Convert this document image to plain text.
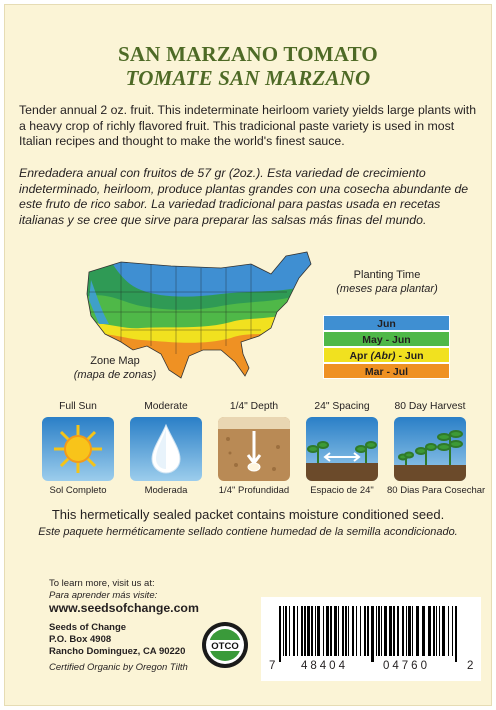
SAN MARZANO TOMATO
TOMATE SAN MARZANO
Tender annual 2 oz. fruit. This indeterminate heirloom variety yields large plants with a heavy crop of richly flavored fruit. This tradicional paste variety is used in most Italian recipes and thought to make the world's finest sauce.
Enredadera anual con fruitos de 57 gr (2oz.). Esta variedad de crecimiento indeterminado, heirloom, produce plantas grandes con una cosecha abundante de este fruto de rico sabor. La variedad tradicional para pastas usada en recetas italianas y se cree que sirve para preparar las salsas más finas del mundo.
Zone Map
(mapa de zonas)
Planting Time
(meses para plantar)
Jun
May - Jun
Apr (Abr) - Jun
Mar - Jul
Full Sun
Sol Completo
Moderate
Moderada
1/4" Depth
1/4" Profundidad
24" Spacing
Espacio de 24"
80 Day Harvest
80 Dias Para Cosechar
This hermetically sealed packet contains moisture conditioned seed.
Este paquete herméticamente sellado contiene humedad de la semilla acondicionado.
To learn more, visit us at:
Para aprender más visite:
www.seedsofchange.com
Seeds of Change
P.O. Box 4908
Rancho Dominguez, CA 90220
Certified Organic by Oregon Tilth
OTCO
7 48404	04760	2
